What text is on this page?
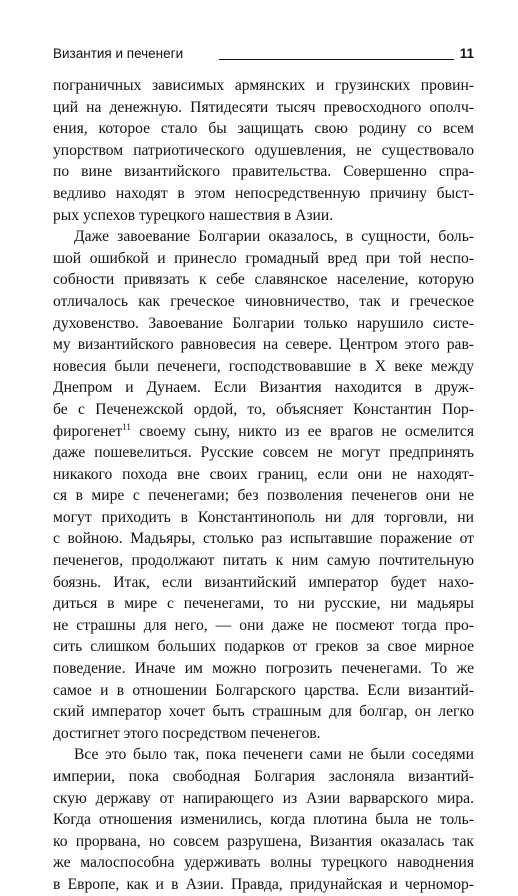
Византия и печенеги	11

пограничных зависимых армянских и грузинских провин-
ций на денежную. Пятидесяти тысяч превосходного ополч-
ения, которое стало бы защищать свою родину со всем
упорством патриотического одушевления, не существовало
по вине византийского правительства. Совершенно спра-
ведливо находят в этом непосредственную причину быст-
рых успехов турецкого нашествия в Азии.

Даже завоевание Болгарии оказалось, в сущности, боль-
шой ошибкой и принесло громадный вред при той неспо-
собности привязать к себе славянское население, которую
отличалось как греческое чиновничество, так и греческое
духовенство. Завоевание Болгарии только нарушило систе-
му византийского равновесия на севере. Центром этого рав-
новесия были печенеги, господствовавшие в X веке между
Днепром и Дунаем. Если Византия находится в друж-
бе с Печенежской ордой, то, объясняет Константин Пор-
фирогенет$^{11}$ своему сыну, никто из ее врагов не осмелится
даже пошевелиться. Русские совсем не могут предпринять
никакого похода вне своих границ, если они не находят-
ся в мире с печенегами; без позволения печенегов они не
могут приходить в Константинополь ни для торговли, ни
с войною. Мадьяры, столько раз испытавшие поражение от
печенегов, продолжают питать к ним самую почтительную
боязнь. Итак, если византийский император будет нахо-
диться в мире с печенегами, то ни русские, ни мадьяры
не страшны для него, — они даже не посмеют тогда про-
сить слишком больших подарков от греков за свое мирное
поведение. Иначе им можно погрозить печенегами. То же
самое и в отношении Болгарского царства. Если византий-
ский император хочет быть страшным для болгар, он легко
достигнет этого посредством печенегов.

Все это было так, пока печенеги сами не были соседями
империи, пока свободная Болгария заслоняла византий-
скую державу от напирающего из Азии варварского мира.
Когда отношения изменились, когда плотина была не толь-
ко прорвана, но совсем разрушена, Византия оказалась так
же малоспособна удерживать волны турецкого наводнения
в Европе, как и в Азии. Правда, придунайская и черномор-
